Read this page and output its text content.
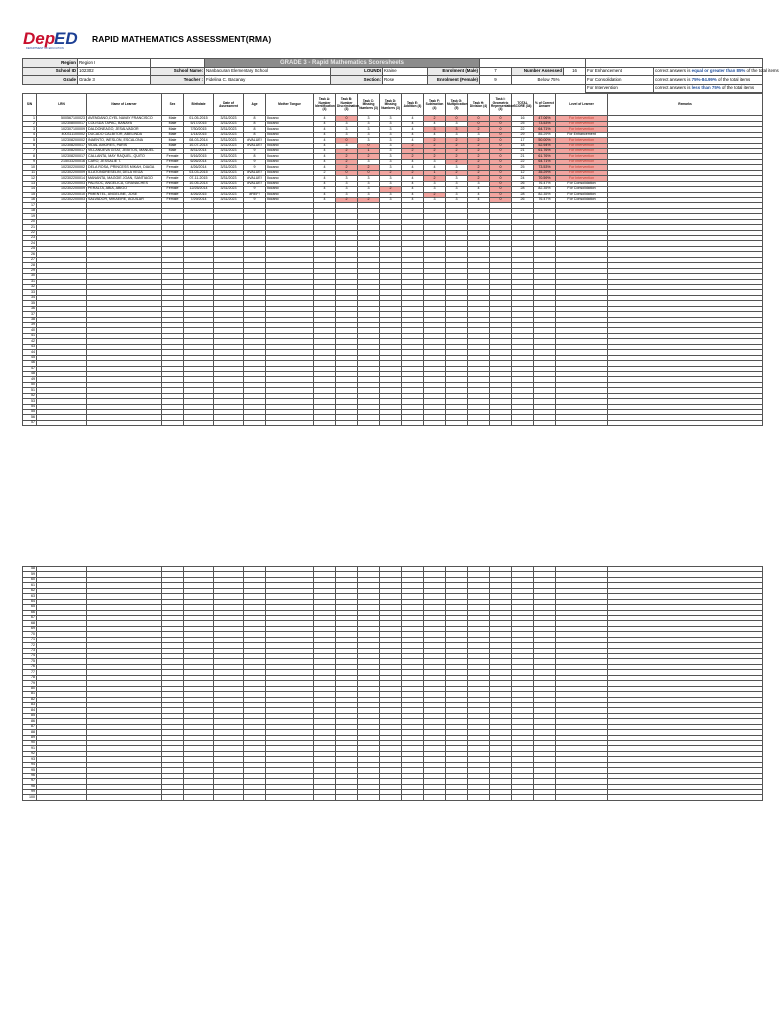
Dep
ED
DEPARTMENT OF EDUCATION
RAPID MATHEMATICS ASSESSMENT(RMA)
Region	Region I		GRADE 3 - Rapid Mathematics Scoresheets								
School ID	102302	School Name:	Nanbacuran Elementary School	LOUNDI	Kraine	Enrolment (Male)	7	Number Assessed	16	For Enhancement	correct answers is equal or greater than 85% of the total items
Grade	Grade 3	Teacher :	Fidelina C. Bacanay	Section:	Rose	Enrolment (Female)	9	Below 75%		For Consolidation	correct answers is 75%-84.99% of the total items
										For Intervention	correct answers is less than 75% of the total items
S/N	LRN	Name of Learner	Sex	Birthdate	Date of Assessment	Age	Mother Tongue	Task A: Number Identification (4)	Task B: Number Discrimination (3)	Task C: Missing Numbers (3)	Task D: Missing Numbers (3)	Task E: Addition (4)	Task F: Subtraction (4)	Task G: Multiplication (5)	Task H: Division (4)	Task I: Geometric Representation (4)	TOTAL SCORE (34)	% of Correct Answer	Level of Learner	Remarks
1	500567100023	AVENDANO,CYEL NAVAY FRANCISCO	Male	01-05-2015	3/31/2023	8	Ilocano	4	0	3	3	4	2	0	0	0	16	47.06%	For Intervention	
2	102308000017	COLISDA TAPAC, BANAYA	Male	5/17/2015	3/31/2023	8	Ilocano	4	3	3	3	4	4	3	0	0	25	73.53%	For Intervention	
3	102307100009	DALDONEAGO, JESALVADOR	Male	7/30/2015	3/31/2023	8	Ilocano	4	3	3	3	4	3	3	2	0	22	64.71%	For Intervention	
4	400311100002	DUCADO CALBITOR, ABELINDA	Male	1/14/2015	3/31/2023	8	Ilocano	4	3	3	3	4	4	3	3	0	29	85.29%	For Enhancement	
5	102308200002	INAENTO, WESLON, ESCALONA	Male	08-03-2014	3/31/2023	#VALUE!	Ilocano	4	0	3	3	4	2	2	2	0	17	50.00%	For Intervention	
6	102308200017	VIDAL AMORES, PARIS	Male	10-07-2014	3/31/2023	#VALUE!	Ilocano	4	3	0	3	2	2	2	2	0	18	52.94%	For Intervention	
7	102308200017	VILLANUEVA GITAT, JEBITOS, MANUEL	Male	8/31/2014	3/31/2023	9	Ilocano	4	2	1	3	2	2	2	2	0	21	61.76%	For Intervention	
8	102308200017	CALLANTA, MAY RAQUEL, QUITO	Female	5/16/2015	3/31/2023	8	Ilocano	4	2	2	3	2	2	2	2	0	21	61.76%	For Intervention	
9	215033200016	CARO, JESSALIE T.	Female	6/26/2014	3/31/2023	9	Ilocano	4	2	3	3	4	3	2	2	0	22	64.71%	For Intervention	
10	102302200002	DELA ROSA, PRINCESS MIKAH, DIAGA	Female	4/26/2014	3/31/2023	9	Ilocano	4	2	2	3	4	4	3	2	0	25	73.53%	For Intervention	
11	102302200009	ILLATONDRESELIN, DELA VEGA	Female	03-03-2015	3/31/2023	#VALUE!	Ilocano	2	0	0	2	2	1	2	2	0	12	35.29%	For Intervention	
12	102302200014	MANANTA, MAGGIE JOAN, SANTIAGO	Female	07-11-2015	3/31/2023	#VALUE!	Ilocano	4	3	3	3	4	2	3	2	0	24	70.59%	For Intervention	
13	102302200003	PALISOC, ANGELICA, GRANACHES	Female	10-05-2014	3/31/2023	#VALUE!	Ilocano	4	3	3	3	4	3	3	3	0	26	76.47%	For Consolidation	
14	102302200009	PERALTA, ABIA, ABIGO	Female	12/25/2014	3/31/2023	9	Ilocano	4	3	3	2	4	3	3	4	0	28	82.35%	For Consolidation	
15	102302200010	PIMENTEL, ANGELINE, JOSE	Female	4/26/2015	3/31/2023	#REF!	Ilocano	4	3	3	3	4	2	3	4	0	28	82.35%	For Consolidation	
16	102302200003	SALVADOR, MIKAEIRE, AGUILAR	Female	7/29/2014	3/31/2023	9	Ilocano	4	2	2	3	4	3	3	4	0	26	76.47%	For Consolidation	
17																				
18																				
19																				
20																				
21																				
22																				
23																				
24																				
25																				
26																				
27																				
28																				
29																				
30																				
31																				
32																				
33																				
34																				
35																				
36																				
37																				
38																				
39																				
40																				
41																				
42																				
43																				
44																				
45																				
46																				
47																				
48																				
49																				
50																				
51																				
52																				
53																				
54																				
55																				
56																				
57																				
58																				
59																				
60																				
61																				
62																				
63																				
64																				
65																				
66																				
67																				
68																				
69																				
70																				
71																				
72																				
73																				
74																				
75																				
76																				
77																				
78																				
79																				
80																				
81																				
82																				
83																				
84																				
85																				
86																				
87																				
88																				
89																				
90																				
91																				
92																				
93																				
94																				
95																				
96																				
97																				
98																				
99																				
100																				
